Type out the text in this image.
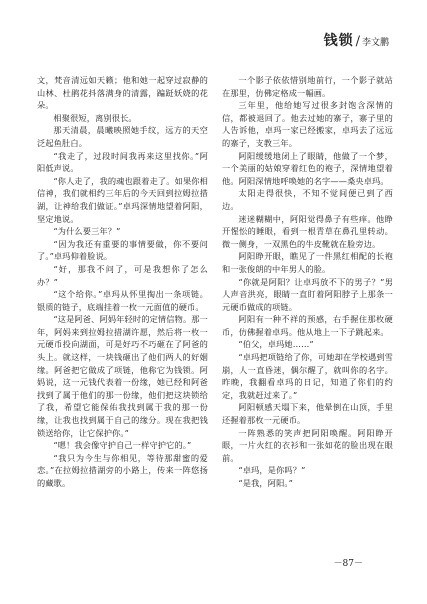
钱锁 / 李文鹏

文，梵音清远如天籁；他和她一起穿过寂静的山林、杜鹃花抖落满身的清露，蹁跹妖娆的花朵。

相聚很短，离别很长。

那天清晨，晨曦映照她手纹，远方的天空泛起鱼肚白。

“我走了，过段时间我再来这里找你。”阿阳低声说。

“你人走了，我的魂也跟着走了。如果你相信神，我们就相约三年后的今天回到拉姆拉措湖，让神给我们做证。”卓玛深情地望着阿阳，坚定地说。

“为什么要三年？”

“因为我还有重要的事情要做，你不要问了。”卓玛仰着脸说。

“好，那我不问了，可是我想你了怎么办？”

“这个给你。”卓玛从怀里掏出一条项链。银质的链子，底端挂着一枚一元面值的硬币。

“这是阿爸、阿妈年轻时的定情信物。那一年，阿妈来到拉姆拉措湖许愿，然后将一枚一元硬币投向湖面，可是好巧不巧砸在了阿爸的头上。就这样，一块钱砸出了他们两人的好姻缘。阿爸把它做成了项链，他称它为钱锁。阿妈说，这一元钱代表着一份缘，她已经和阿爸找到了属于他们的那一份缘，他们把这块锁给了我，希望它能保佑我找到属于我的那一份缘，让我也找到属于自己的缘分。现在我把钱锁送给你，让它保护你。”

“嗯！我会像守护自己一样守护它的。”

“我只为今生与你相见，等待那甜蜜的爱恋。”在拉姆拉措湖旁的小路上，传来一阵悠扬的藏歌。

一个影子依依惜别地前行，一个影子就站在那里，仿佛定格成一幅画。

三年里，他给她写过很多封饱含深情的信，都被退回了。他去过她的寨子，寨子里的人告诉他，卓玛一家已经搬家，卓玛去了远远的寨子，支教三年。

阿阳缓缓地闭上了眼睛，他做了一个梦，一个美丽的姑娘穿着红色的袍子，深情地望着他。阿阳深情地呼唤她的名字——桑央卓玛。

太阳走得很快，不知不觉间便已到了西边。

迷迷糊糊中，阿阳觉得鼻子有些痒。他睁开惺忪的睡眼，看到一根青草在鼻孔里转动。微一侧身，一双黑色的牛皮靴就在脸旁边。

阿阳睁开眼，瞧见了一件黑红相配的长袍和一张俊朗的中年男人的脸。

“你就是阿阳？让卓玛放不下的男子？”男人声音洪亮，眼睛一直盯着阿阳脖子上那条一元硬币做成的项链。

阿阳有一种不祥的预感，右手握住那枚硬币，仿佛握着卓玛。他从地上一下子跳起来。

“伯父，卓玛她……”

“卓玛把项链给了你，可她却在学校遇到雪崩，人一直昏迷，偶尔醒了，就叫你的名字。昨晚，我翻看卓玛的日记，知道了你们的约定，我就赶过来了。”

阿阳顿感天塌下来，他晕倒在山顶，手里还握着那枚一元硬币。

一阵熟悉的笑声把阿阳唤醒。阿阳睁开眼，一片火红的衣衫和一张如花的脸出现在眼前。

“卓玛，是你吗？”

“是我，阿阳。”

－87－
